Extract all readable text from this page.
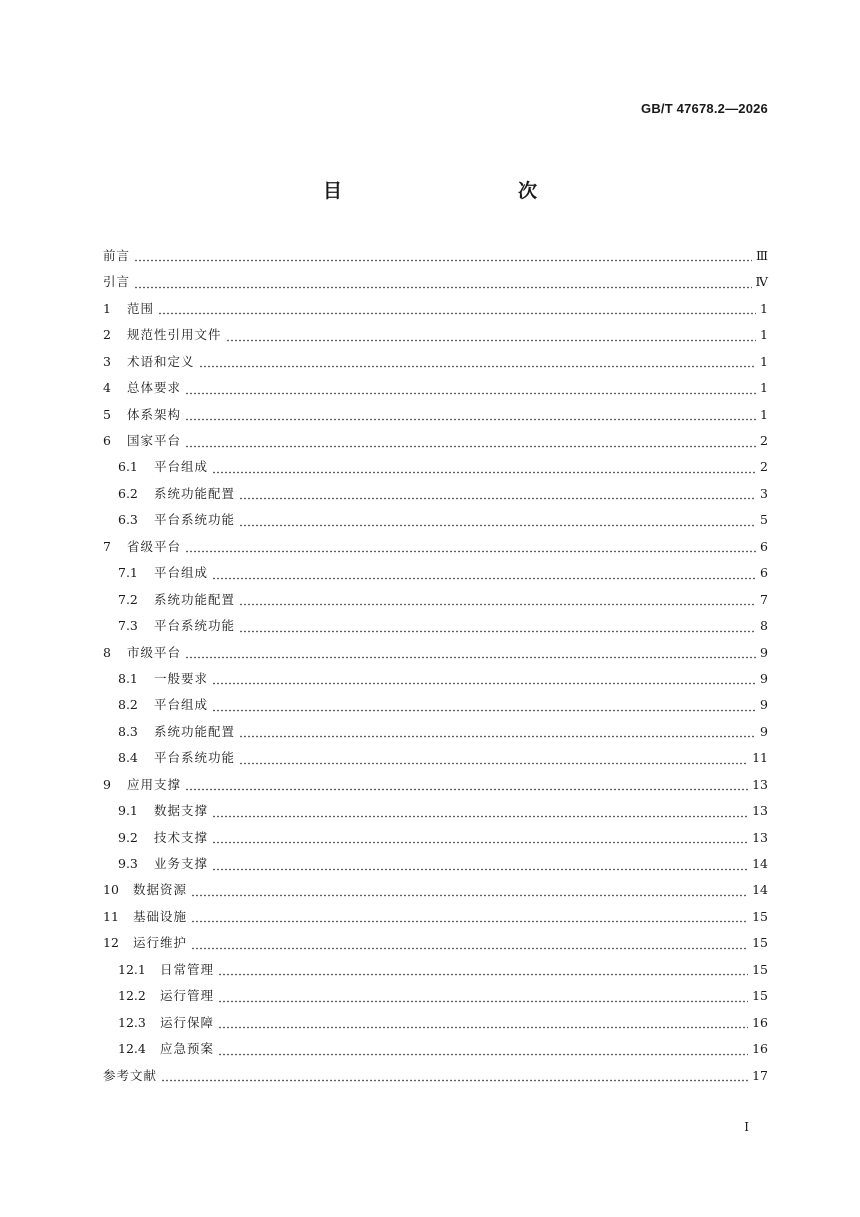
GB/T 47678.2—2026
目　　次
前言	Ⅲ
引言	Ⅳ
1	范围	1
2	规范性引用文件	1
3	术语和定义	1
4	总体要求	1
5	体系架构	1
6	国家平台	2
6.1	平台组成	2
6.2	系统功能配置	3
6.3	平台系统功能	5
7	省级平台	6
7.1	平台组成	6
7.2	系统功能配置	7
7.3	平台系统功能	8
8	市级平台	9
8.1	一般要求	9
8.2	平台组成	9
8.3	系统功能配置	9
8.4	平台系统功能	11
9	应用支撑	13
9.1	数据支撑	13
9.2	技术支撑	13
9.3	业务支撑	14
10	数据资源	14
11	基础设施	15
12	运行维护	15
12.1	日常管理	15
12.2	运行管理	15
12.3	运行保障	16
12.4	应急预案	16
参考文献	17
Ⅰ
